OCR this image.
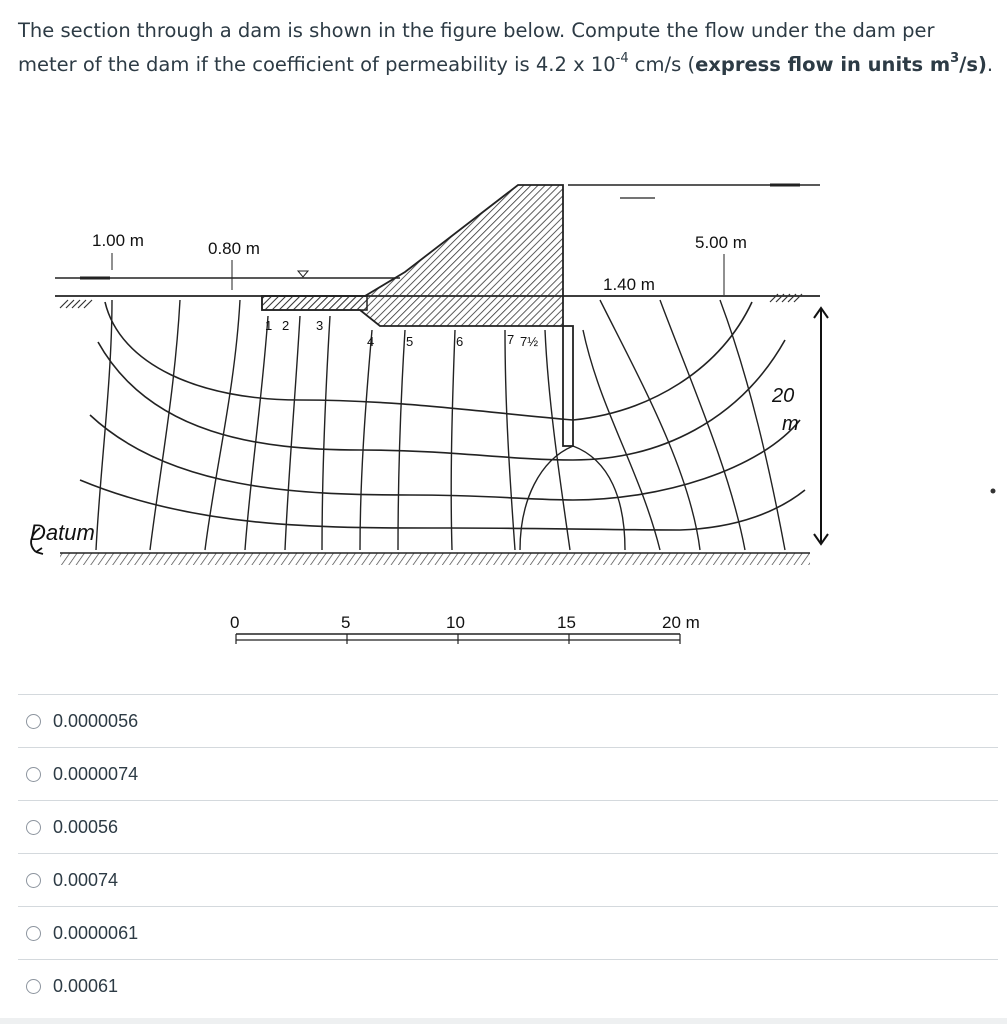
The section through a dam is shown in the figure below. Compute the flow under the dam per meter of the dam if the coefficient of permeability is 4.2 x $10^{-4}$ cm/s (express flow in units $m^3/s$).
1 2 3
4 5	6	7 7½
1.00 m	0.80 m
1.40 m
5.00 m
Datum
20
m
0	5	10	15	20 m
0.0000056
0.0000074
0.00056
0.00074
0.0000061
0.00061
